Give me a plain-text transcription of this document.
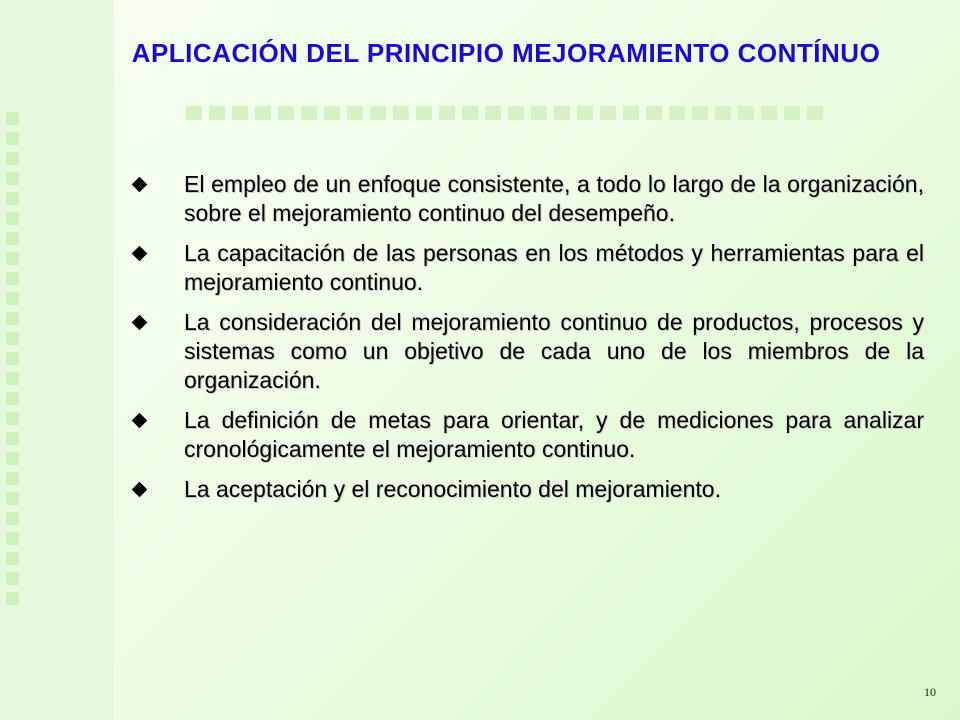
APLICACIÓN DEL PRINCIPIO MEJORAMIENTO CONTÍNUO
El empleo de un enfoque consistente, a todo lo largo de la organización, sobre el mejoramiento continuo del desempeño.
La capacitación de las personas en los métodos y herramientas para el mejoramiento continuo.
La consideración del mejoramiento continuo de productos, procesos y sistemas como un objetivo de cada uno de los miembros de la organización.
La definición de metas para orientar, y de mediciones para analizar cronológicamente el mejoramiento continuo.
La aceptación y el reconocimiento del mejoramiento.
10
